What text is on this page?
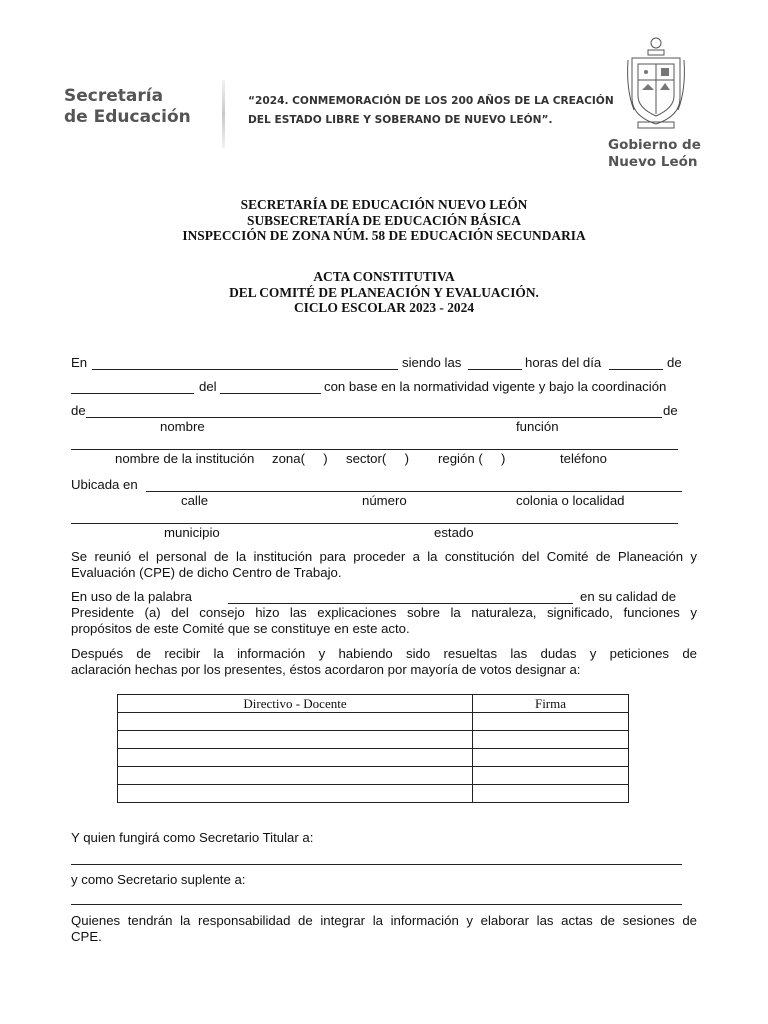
Secretaría
de Educación
“2024. CONMEMORACIÓN DE LOS 200 AÑOS DE LA CREACIÓN
DEL ESTADO LIBRE Y SOBERANO DE NUEVO LEÓN”.
Gobierno de
Nuevo León
SECRETARÍA DE EDUCACIÓN NUEVO LEÓN
SUBSECRETARÍA DE EDUCACIÓN BÁSICA
INSPECCIÓN DE ZONA NÚM. 58 DE EDUCACIÓN SECUNDARIA
ACTA CONSTITUTIVA
DEL COMITÉ DE PLANEACIÓN Y EVALUACIÓN.
CICLO ESCOLAR 2023 - 2024
En	siendo las	horas del día	de
del	con base en la normatividad vigente y bajo la coordinación
de	de
nombre	función
nombre de la institución zona(     ) sector(     ) región (     )	teléfono
Ubicada en
calle	número	colonia o localidad
municipio	estado
Se reunió el personal de la institución para proceder a la constitución del Comité de Planeación y
Evaluación (CPE) de dicho Centro de Trabajo.
En uso de la palabra	en su calidad de
Presidente (a) del consejo hizo las explicaciones sobre la naturaleza, significado, funciones y
propósitos de este Comité que se constituye en este acto.
Después de recibir la información y habiendo sido resueltas las dudas y peticiones de
aclaración hechas por los presentes, éstos acordaron por mayoría de votos designar a:
Directivo - Docente	Firma

Y quien fungirá como Secretario Titular a:
y como Secretario suplente a:
Quienes tendrán la responsabilidad de integrar la información y elaborar las actas de sesiones de
CPE.
